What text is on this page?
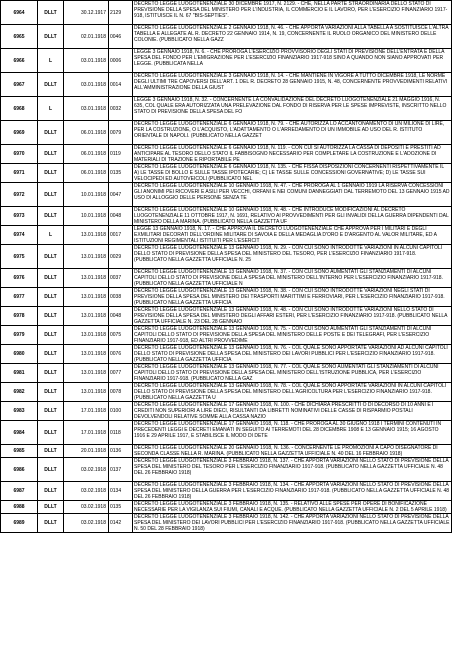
6964	DLLT	30.12.1917	2129	DECRETO LEGGE LUOGOTENENZIALE 30 DICEMBRE 1917, N. 2129. - CHE, NELLA PARTE STRAORDINARIA DELLO STATO DI PREVISIONE DELLA SPESA DEL MINISTERO PER L'INDUSTRIA, IL COMMERCIO E IL LAVORO, PER L'ESERCIZIO FINANZIARIO 1917-918, ISTITUISCE IL N. 67 ''BIS-SEPTIES''.
6965	DLLT	02.01.1918	0046	DECRETO LEGGE LUOGOTENENZIALE 2 GENNAIO 1918, N. 46. - CHE APPORTA VARIAZIONI ALLA TABELLA A SOSTITUISCE L'ALTRA TABELLA E ALLEGATE AL R. DECRETO 22 GENNAIO 1914, N. 19, CONCERNENTE IL RUOLO ORGANICO DEL MINISTERO DELLE COLONIE. (PUBBLICATO NELLA GAZZ
6966	L	03.01.1918	0006	LEGGE 3 GENNAIO 1918, N. 6. - CHE PROROGA L'ESERCIZIO PROVVISORIO DEGLI STATI DI PREVISIONE DELL'ENTRATA E DELLA SPESA DEL FONDO PER L'EMIGRAZIONE PER L'ESERCIZIO FINANZIARIO 1917-918 SINO A QUANDO NON SIANO APPROVATI PER LEGGE. (PUBBLICATA NELLA
6967	DLLT	03.01.1918	0014	DECRETO LEGGE LUOGOTENENZIALE 3 GENNAIO 1918, N. 14. - CHE MANTIENE IN VIGORE A TUTTO DICEMBRE 1918, LE NORME DEGLI ULTIMI TRE CAPOVERSI DELL'ART. 1 DEL R. DECRETO 28 GENNAIO 1915, N. 48, CONCERNENTE PROVVEDIMENTI RELATIVI ALL'AMMINISTRAZIONE DELLA GIUST
6968	L	03.01.1918	0032	LEGGE 3 GENNAIO 1918, N. 32. - CONCERNENTE LA CONVALIDAZIONE DEL DECRETO LUOGOTENENZIALE 21 MAGGIO 1916, N. 635, COL QUALE ERA AUTORIZZATA UNA PRELEVAZIONE DAL FONDO DI RISERVA PER LE SPESE IMPREVISTE, INSCRITTO NELLO STATO DI PREVISIONE DELLA SPESA DEL FO
6969	DLLT	06.01.1918	0079	DECRETO LEGGE LUOGOTENENZIALE 6 GENNAIO 1918, N. 79. - CHE AUTORIZZA LO ACCANTONAMENTO DI UN MILIONE DI LIRE, PER LA COSTRUZIONE, O L'ACQUISTO, L'ADATTAMENTO O L'ARREDAMENTO DI UN IMMOBILE AD USO DEL R. ISTITUTO ORIENTALE DI NAPOLI. (PUBBLICATO NELLA GAZZET
6970	DLLT	06.01.1918	0119	DECRETO LEGGE LUOGOTENENZIALE 6 GENNAIO 1918, N. 119. - CON CUI SI AUTORIZZA LA CASSA DI DEPOSITI E PRESTITI AD ANTICIPARE AL TESORO DELLO STATO IL FABBISOGNO NECESSARIO PER COMPLETARE LA COSTRUZIONE E L'ADOZIONE DI MATERIALI DI TRAZIONE E RIPORTABILE PE
6971	DLLT	06.01.1918	0135	DECRETO LEGGE LUOGOTENENZIALE 6 GENNAIO 1918, N. 135. - CHE FISSA DISPOSIZIONI CONCERNENTI RISPETTIVAMENTE IL A) LE TASSE DI BOLLO E SULLE TASSE IPOTECARIE; C) LE TASSE SULLE CONCESSIONI GOVERNATIVE; D) LE TASSE SUI VELOCIPEDI ED AUTOVEICOLI (PUBBLICATO NEL
6972	DLLT	10.01.1918	0047	DECRETO LEGGE LUOGOTENENZIALE 10 GENNAIO 1918, N. 47. - CHE PROROGA AL 1 GENNAIO 1919 LA RISERVA CONCESSIONI GLI ANONIMI PEI RICOVERI E ASILI PER VECCHI, ORFANI E NEI COMUNI DANNEGGIATI DAL TERREMOTO DEL 13 GENNAIO 1915 AD USO DI ALLOGGIO DELLE PERSONE SENZA TE
6973	DLLT	10.01.1918	0048	DECRETO LEGGE LUOGOTENENZIALE 10 GENNAIO 1918, N. 48. - CHE INTRODUCE MODIFICAZIONI AL DECRETO LUOGOTENENZIALE 11 OTTOBRE 1917, N. 1691, RELATIVO AI PROVVEDIMENTI PER GLI INVALIDI DELLA GUERRA DIPENDENTI DAL MINISTERO DELLA MARINA. (PUBBLICATO NELLA GAZZETTA UF
6974	L	13.01.1918	0017	LEGGE 13 GENNAIO 1918, N. 17. - CHE APPROVA IL DECRETO LUOGOTENENZIALE CHE APPROVA PER I MILITARI E DEGLI EXMILITARI DECORATI DELL'ORDINE MILITARE DI SAVOIA E DELLA MEDAGLIA D'ORO E D'ARGENTO AL VALOR MILITARE, ED A ISTITUZIONI REGIMENTALI ISTITUITI PER L'ESERCIT
6975	DLLT	13.01.1918	0029	DECRETO LEGGE LUOGOTENENZIALE 13 GENNAIO 1918, N. 29. - CON CUI SONO INTRODOTTE VARIAZIONI IN ALCUNI CAPITOLI DELLO STATO DI PREVISIONE DELLA SPESA DEL MINISTERO DEL TESORO, PER L'ESERCIZIO FINANZIARIO 1917-918. (PUBBLICATO NELLA GAZZETTA UFFICIALE N. 25
6976	DLLT	13.01.1918	0037	DECRETO LEGGE LUOGOTENENZIALE 13 GENNAIO 1918, N. 37. - CON CUI SONO AUMENTATI GLI STANZIAMENTI DI ALCUNI CAPITOLI DELLO STATO DI PREVISIONE DELLA SPESA DEL MINISTERO DELL'INTERNO PER L'ESERCIZIO FINANZIARIO 1917-918. (PUBBLICATO NELLA GAZZETTA UFFICIALE N
6977	DLLT	13.01.1918	0038	DECRETO LEGGE LUOGOTENENZIALE 13 GENNAIO 1918, N. 38. - CON CUI SONO INTRODOTTE VARIAZIONI NEGLI STATI DI PREVISIONE DELLA SPESA DEL MINISTERO DEI TRASPORTI MARITTIMI E FERROVIARI, PER L'ESERCIZIO FINANZIARIO 1917-918. (PUBBLICATO NELLA GAZZETTA UFFICIA
6978	DLLT	13.01.1918	0048	DECRETO LEGGE LUOGOTENENZIALE 13 GENNAIO 1918, N. 48. - CON CUI SONO INTRODOTTE VARIAZIONI NELLO STATO DI PREVISIONE DELLA SPESA DEL MINISTERO DEGLI AFFARI ESTERI, PER L'ESERCIZIO FINANZIARIO 1917-918. (PUBBLICATO NELLA GAZZETTA UFFICIALE N. 23 DEL 28 GENNAIO
6979	DLLT	13.01.1918	0075	DECRETO LEGGE LUOGOTENENZIALE 13 GENNAIO 1918, N. 75. - CON CUI SONO AUMENTATI GLI STANZIAMENTI DI ALCUNI CAPITOLI DELLO STATO DI PREVISIONE DELLA SPESA DEL MINISTERO DELLE POSTE E DEI TELEGRAFI, PER L'ESERCIZIO FINANZIARIO 1917-918, ED ALTRI PROVVEDIME
6980	DLLT	13.01.1918	0076	DECRETO LEGGE LUOGOTENENZIALE 13 GENNAIO 1918, N. 76. - COL QUALE SONO APPORTATE VARIAZIONI AD ALCUNI CAPITOLI DELLO STATO DI PREVISIONE DELLA SPESA DEL MINISTERO DEI LAVORI PUBBLICI PER L'ESERCIZIO FINANZIARIO 1917-918. (PUBBLICATO NELLA GAZZETTA UFFICIA
6981	DLLT	13.01.1918	0077	DECRETO LEGGE LUOGOTENENZIALE 13 GENNAIO 1918, N. 77. - COL QUALE SONO AUMENTATI GLI STANZIAMENTI DI ALCUNI CAPITOLI DELLO STATO DI PREVISIONE DELLA SPESA DEL MINISTERO DELL'ISTRUZIONE PUBBLICA, PER L'ESERCIZIO FINANZIARIO 1917-918. (PUBBLICATO NELLA GAZ
6982	DLLT	13.01.1918	0078	DECRETO LEGGE LUOGOTENENZIALE 13 GENNAIO 1918, N. 78. - COL QUALE SONO APPORTATE VARIAZIONI IN ALCUNI CAPITOLI DELLO STATO DI PREVISIONE DELLA SPESA DEL MINISTERO DELL'AGRICOLTURA PER L'ESERCIZIO FINANZIARIO 1917-918. (PUBBLICATO NELLA GAZZETTA U
6983	DLLT	17.01.1918	0100	DECRETO LEGGE LUOGOTENENZIALE 17 GENNAIO 1918, N. 100. - CHE DICHIARA PRESCRITTI O DI DECORSO DI 10 ANNI E I CREDITI NON SUPERIORI A LIRE DIECI, RISULTANTI DA LIBRETTI NOMINATIVI DELLE CASSE DI RISPARMIO POSTALI DEVOLVENDOLI RELATIVE SOMME ALLA CASSA NAZIO
6984	DLLT	17.01.1918	0118	DECRETO LEGGE LUOGOTENENZIALE 17 GENNAIO 1918, N. 118. - CHE PROROGA AL 30 GIUGNO 1918 I TERMINI CONTENUTI IN PRECEDENTI LEGGI E DECRETI EMANATI IN SEGUITO AI TERREMOTI DEL 28 DICEMBRE 1908 E 13 GENNAIO 1915; 16 AGOSTO 1916 E 29 APRILE 1917, E STABILISCE IL MODO DI DETE
6985	DLLT	20.01.1918	0136	DECRETO LEGGE LUOGOTENENZIALE 20 GENNAIO 1918, N. 136. - CONCERNENTE LE PROMOZIONI A CAPO DISEGNATORE DI SECONDA CLASSE NELLA R. MARINA. (PUBBLICATO NELLA GAZZETTA UFFICIALE N. 40 DEL 16 FEBBRAIO 1918)
6986	DLLT	03.02.1918	0137	DECRETO LEGGE LUOGOTENENZIALE 3 FEBBRAIO 1918, N. 137. - CHE APPORTA VARIAZIONI NELLO STATO DI PREVISIONE DELLA SPESA DEL MINISTERO DEL TESORO PER L'ESERCIZIO FINANZIARIO 1917-918. (PUBBLICATO NELLA GAZZETTA UFFICIALE N. 48 DEL 26 FEBBRAIO 1918)
6987	DLLT	03.02.1918	0134	DECRETO LEGGE LUOGOTENENZIALE 3 FEBBRAIO 1918, N. 134. - CHE APPORTA VARIAZIONI NELLO STATO DI PREVISIONE DELLA SPESA DEL MINISTERO DELLA GUERRA PER L'ESERCIZIO FINANZIARIO 1917-918. (PUBBLICATO NELLA GAZZETTA UFFICIALE N. 48 DEL 26 FEBBRAIO 1918)
6988	DLLT	03.02.1918	0135	DECRETO LEGGE LUOGOTENENZIALE 3 FEBBRAIO 1918, N. 135. - RELATIVO ALLE SPESE PER OPERE DI BONIFICAZIONE NECESSARIE PER LA VIGILANZA SUI FIUMI, CANALI E ACQUE. (PUBBLICATO NELLA GAZZETTA UFFICIALE N. 2 DEL 5 APRILE 1918)
6989	DLLT	03.02.1918	0142	DECRETO LEGGE LUOGOTENENZIALE 3 FEBBRAIO 1918, N. 142. - CHE APPORTA VARIAZIONI NELLO STATO DI PREVISIONE DELLA SPESA DEL MINISTERO DEI LAVORI PUBBLICI PER L'ESERCIZIO FINANZIARIO 1917-918. (PUBBLICATO NELLA GAZZETTA UFFICIALE N. 50 DEL 28 FEBBRAIO 1918)
